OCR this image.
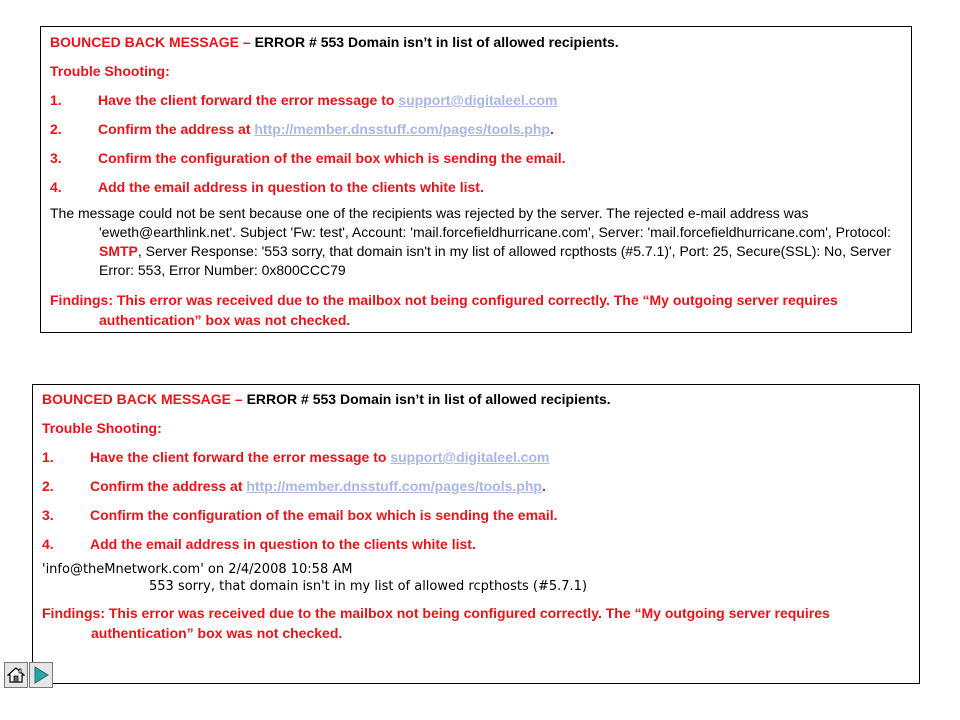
BOUNCED BACK MESSAGE – ERROR # 553 Domain isn’t in list of allowed recipients.
Trouble Shooting:
1.	Have the client forward the error message to support@digitaleel.com
2.	Confirm the address at http://member.dnsstuff.com/pages/tools.php.
3.	Confirm the configuration of the email box which is sending the email.
4.	Add the email address in question to the clients white list.
The message could not be sent because one of the recipients was rejected by the server. The rejected e-mail address was 'eweth@earthlink.net'. Subject 'Fw: test', Account: 'mail.forcefieldhurricane.com', Server: 'mail.forcefieldhurricane.com', Protocol: SMTP, Server Response: '553 sorry, that domain isn't in my list of allowed rcpthosts (#5.7.1)', Port: 25, Secure(SSL): No, Server Error: 553, Error Number: 0x800CCC79
Findings: This error was received due to the mailbox not being configured correctly. The “My outgoing server requires authentication” box was not checked.
BOUNCED BACK MESSAGE – ERROR # 553 Domain isn’t in list of allowed recipients.
Trouble Shooting:
1.	Have the client forward the error message to support@digitaleel.com
2.	Confirm the address at http://member.dnsstuff.com/pages/tools.php.
3.	Confirm the configuration of the email box which is sending the email.
4.	Add the email address in question to the clients white list.
'info@theMnetwork.com' on 2/4/2008 10:58 AM
553 sorry, that domain isn't in my list of allowed rcpthosts (#5.7.1)
Findings: This error was received due to the mailbox not being configured correctly. The “My outgoing server requires authentication” box was not checked.
